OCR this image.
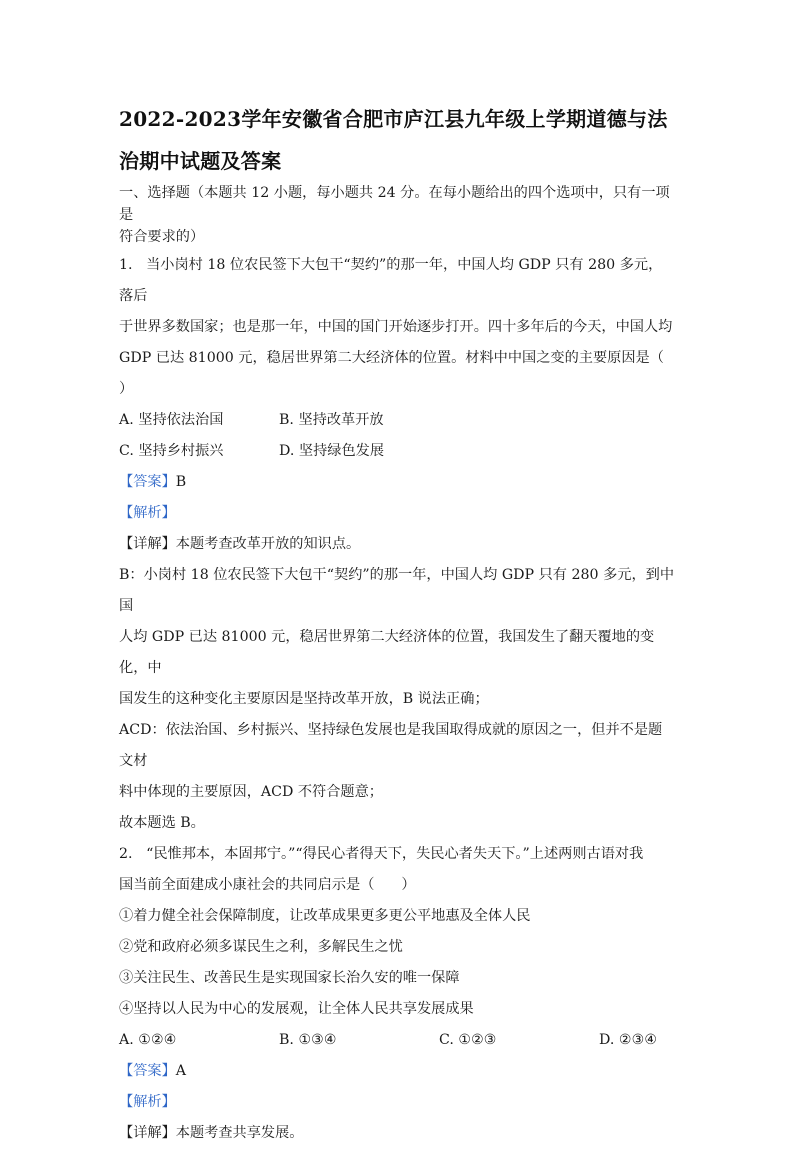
2022-2023学年安徽省合肥市庐江县九年级上学期道德与法

治期中试题及答案

一、选择题（本题共 12 小题，每小题共 24 分。在每小题给出的四个选项中，只有一项是

符合要求的）

1.   当小岗村 18 位农民签下大包干“契约”的那一年，中国人均 GDP 只有 280 多元，落后

于世界多数国家；也是那一年，中国的国门开始逐步打开。四十多年后的今天，中国人均

GDP 已达 81000 元，稳居世界第二大经济体的位置。材料中中国之变的主要原因是（

）

A. 坚持依法治国	B. 坚持改革开放
C. 坚持乡村振兴	D. 坚持绿色发展

【答案】B

【解析】

【详解】本题考查改革开放的知识点。

B：小岗村 18 位农民签下大包干“契约”的那一年，中国人均 GDP 只有 280 多元，到中国

人均 GDP 已达 81000 元，稳居世界第二大经济体的位置，我国发生了翻天覆地的变化，中

国发生的这种变化主要原因是坚持改革开放，B 说法正确；

ACD：依法治国、乡村振兴、坚持绿色发展也是我国取得成就的原因之一，但并不是题文材

料中体现的主要原因，ACD 不符合题意；

故本题选 B。

2.   “民惟邦本，本固邦宁。”“得民心者得天下，失民心者失天下。”上述两则古语对我

国当前全面建成小康社会的共同启示是（      ）

①着力健全社会保障制度，让改革成果更多更公平地惠及全体人民

②党和政府必须多谋民生之利，多解民生之忧

③关注民生、改善民生是实现国家长治久安的唯一保障

④坚持以人民为中心的发展观，让全体人民共享发展成果

A. ①②④	B. ①③④	C. ①②③	D. ②③④

【答案】A

【解析】

【详解】本题考查共享发展。
